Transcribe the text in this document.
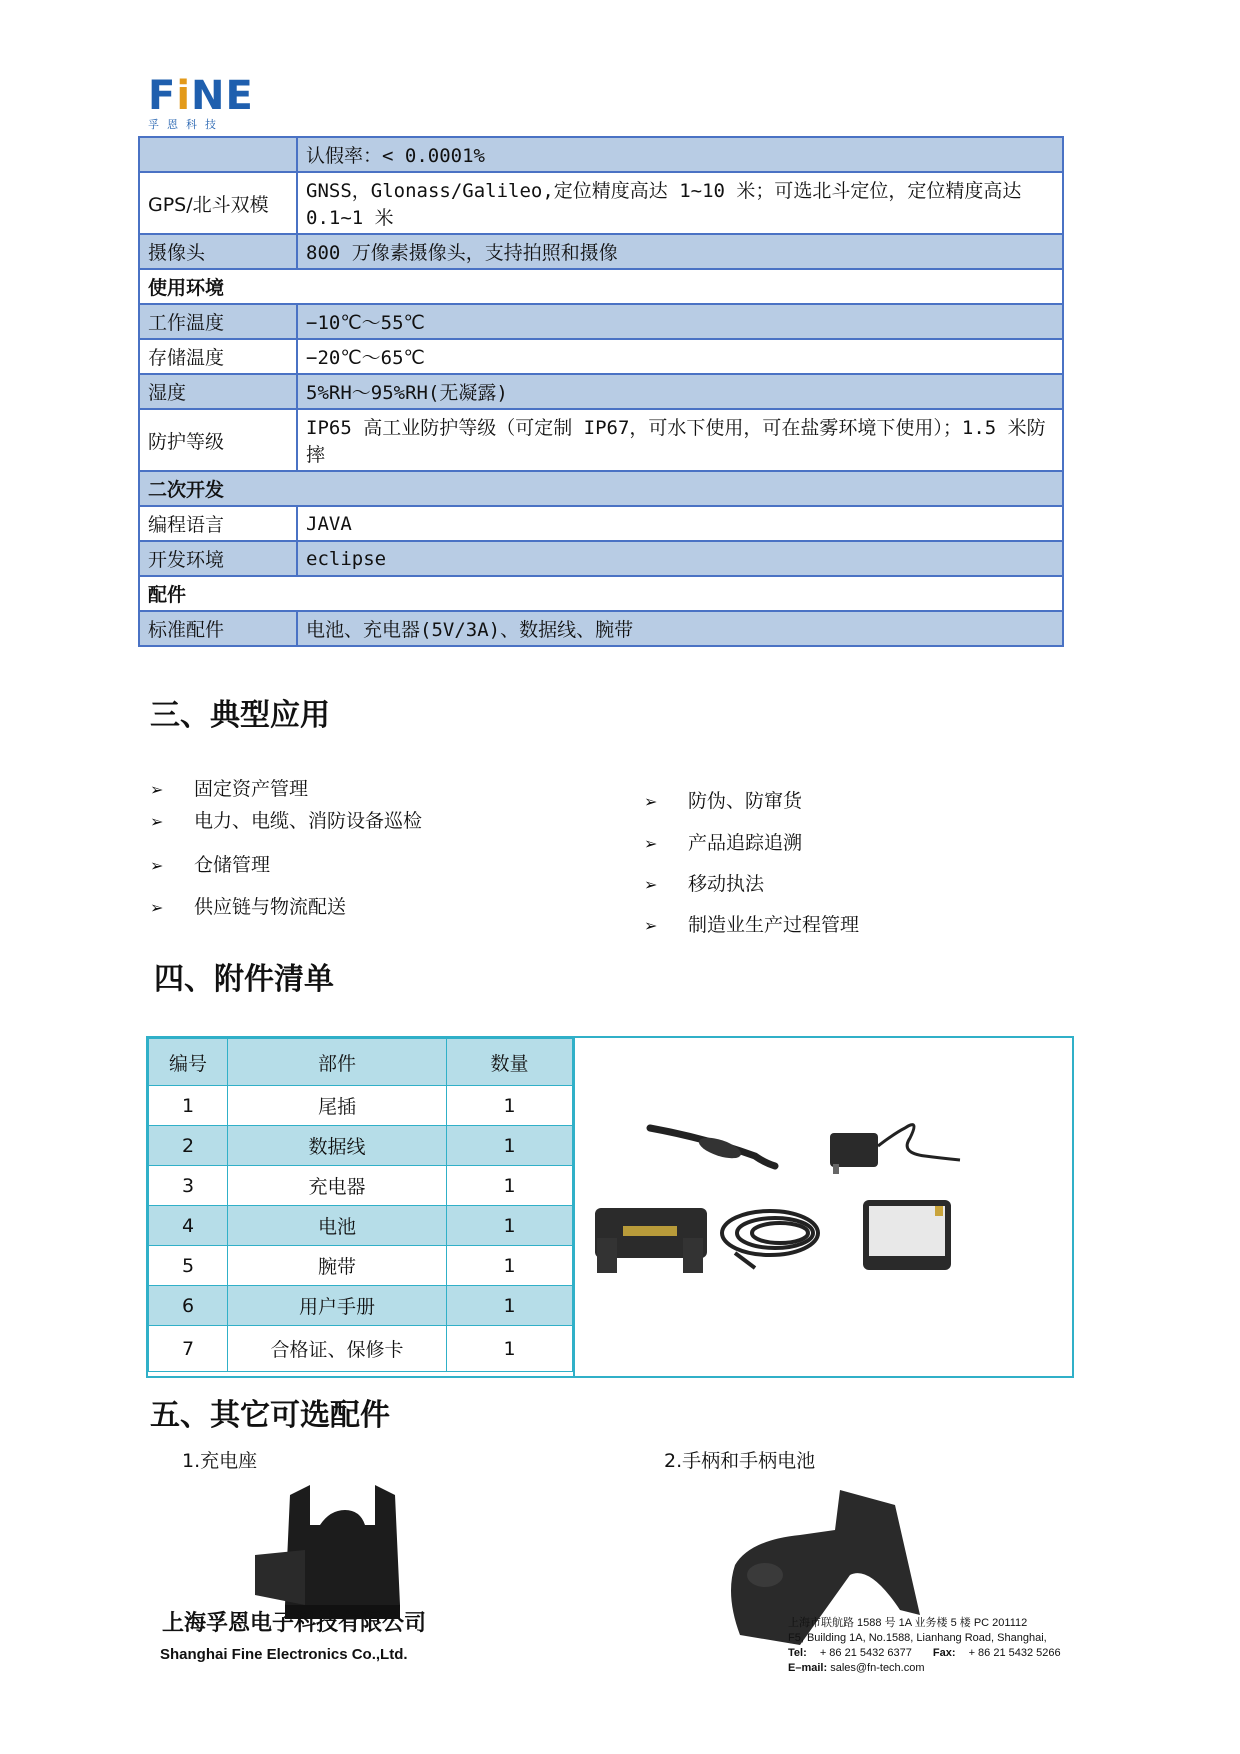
FiNE
孚恩科技
	认假率：< 0.0001%
GPS/北斗双模	GNSS，Glonass/Galileo,定位精度高达 1~10 米；可选北斗定位，定位精度高达 0.1~1 米
摄像头	800 万像素摄像头，支持拍照和摄像
使用环境	
工作温度	−10℃～55℃
存储温度	−20℃～65℃
湿度	5%RH～95%RH(无凝露)
防护等级	IP65 高工业防护等级（可定制 IP67，可水下使用，可在盐雾环境下使用）；1.5 米防摔
二次开发	
编程语言	JAVA
开发环境	eclipse
配件	
标准配件	电池、充电器(5V/3A)、数据线、腕带
三、典型应用
➢ 固定资产管理
➢ 电力、电缆、消防设备巡检
➢ 仓储管理
➢ 供应链与物流配送
➢ 防伪、防窜货
➢ 产品追踪追溯
➢ 移动执法
➢ 制造业生产过程管理
四、附件清单
编号	部件	数量
1	尾插	1
2	数据线	1
3	充电器	1
4	电池	1
5	腕带	1
6	用户手册	1
7	合格证、保修卡	1
五、其它可选配件
1.充电座	2.手柄和手柄电池
上海孚恩电子科技有限公司
Shanghai Fine Electronics Co.,Ltd.
上海市联航路 1588 号 1A 业务楼 5 楼 PC 201112
F5, Building 1A, No.1588, Lianhang Road, Shanghai,
Tel: + 86 21 5432 6377 Fax: + 86 21 5432 5266
E–mail: sales@fn-tech.com
